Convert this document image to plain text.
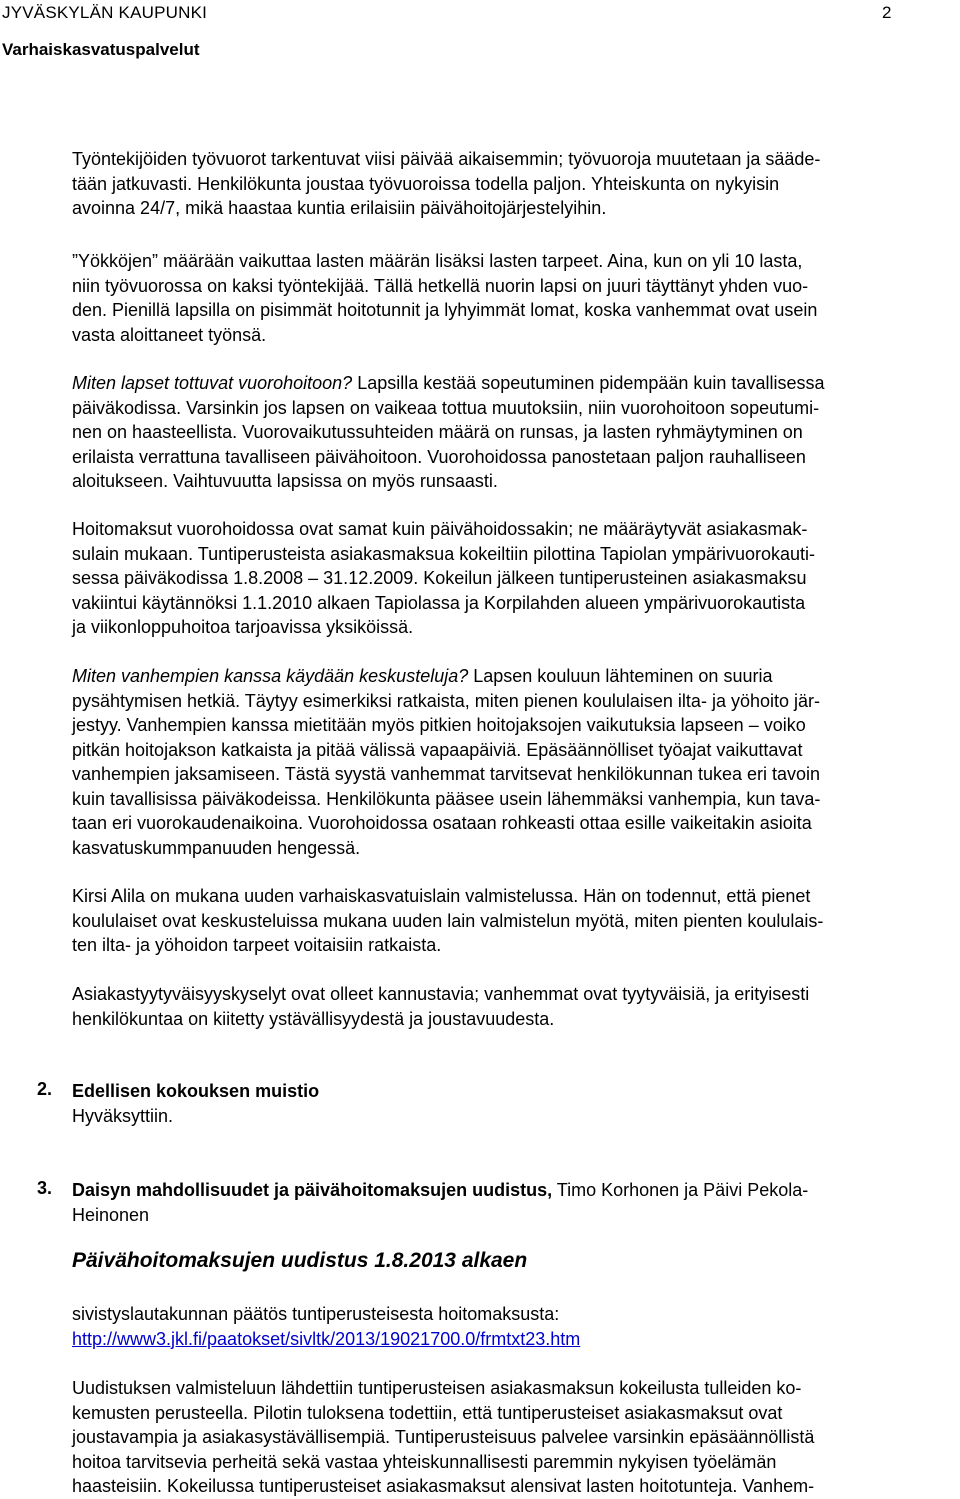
JYVÄSKYLÄN KAUPUNKI	2
Varhaiskasvatuspalvelut
Työntekijöiden työvuorot tarkentuvat viisi päivää aikaisemmin; työvuoroja muutetaan ja sääde-
tään jatkuvasti. Henkilökunta joustaa työvuoroissa todella paljon. Yhteiskunta on nykyisin
avoinna 24/7, mikä haastaa kuntia erilaisiin päivähoitojärjestelyihin.
”Yökköjen” määrään vaikuttaa lasten määrän lisäksi lasten tarpeet. Aina, kun on yli 10 lasta,
niin työvuorossa on kaksi työntekijää. Tällä hetkellä nuorin lapsi on juuri täyttänyt yhden vuo-
den. Pienillä lapsilla on pisimmät hoitotunnit ja lyhyimmät lomat, koska vanhemmat ovat usein
vasta aloittaneet työnsä.
Miten lapset tottuvat vuorohoitoon? Lapsilla kestää sopeutuminen pidempään kuin tavallisessa
päiväkodissa. Varsinkin jos lapsen on vaikeaa tottua muutoksiin, niin vuorohoitoon sopeutumi-
nen on haasteellista. Vuorovaikutussuhteiden määrä on runsas, ja lasten ryhmäytyminen on
erilaista verrattuna tavalliseen päivähoitoon. Vuorohoidossa panostetaan paljon rauhalliseen
aloitukseen. Vaihtuvuutta lapsissa on myös runsaasti.
Hoitomaksut vuorohoidossa ovat samat kuin päivähoidossakin; ne määräytyvät asiakasmak-
sulain mukaan. Tuntiperusteista asiakasmaksua kokeiltiin pilottina Tapiolan ympärivuorokauti-
sessa päiväkodissa 1.8.2008 – 31.12.2009. Kokeilun jälkeen tuntiperusteinen asiakasmaksu
vakiintui käytännöksi 1.1.2010 alkaen Tapiolassa ja Korpilahden alueen ympärivuorokautista
ja viikonloppuhoitoa tarjoavissa yksiköissä.
Miten vanhempien kanssa käydään keskusteluja? Lapsen kouluun lähteminen on suuria
pysähtymisen hetkiä. Täytyy esimerkiksi ratkaista, miten pienen koululaisen ilta- ja yöhoito jär-
jestyy. Vanhempien kanssa mietitään myös pitkien hoitojaksojen vaikutuksia lapseen – voiko
pitkän hoitojakson katkaista ja pitää välissä vapaapäiviä. Epäsäännölliset työajat vaikuttavat
vanhempien jaksamiseen. Tästä syystä vanhemmat tarvitsevat henkilökunnan tukea eri tavoin
kuin tavallisissa päiväkodeissa. Henkilökunta pääsee usein lähemmäksi vanhempia, kun tava-
taan eri vuorokaudenaikoina. Vuorohoidossa osataan rohkeasti ottaa esille vaikeitakin asioita
kasvatuskummpanuuden hengessä.
Kirsi Alila on mukana uuden varhaiskasvatuislain valmistelussa. Hän on todennut, että pienet
koululaiset ovat keskusteluissa mukana uuden lain valmistelun myötä, miten pienten koululais-
ten ilta- ja yöhoidon tarpeet voitaisiin ratkaista.
Asiakastyytyväisyyskyselyt ovat olleet kannustavia; vanhemmat ovat tyytyväisiä, ja erityisesti
henkilökuntaa on kiitetty ystävällisyydestä ja joustavuudesta.
2. Edellisen kokouksen muistio
Hyväksyttiin.
3. Daisyn mahdollisuudet ja päivähoitomaksujen uudistus, Timo Korhonen ja Päivi Pekola-
Heinonen
Päivähoitomaksujen uudistus 1.8.2013 alkaen
sivistyslautakunnan päätös tuntiperusteisesta hoitomaksusta:
http://www3.jkl.fi/paatokset/sivltk/2013/19021700.0/frmtxt23.htm
Uudistuksen valmisteluun lähdettiin tuntiperusteisen asiakasmaksun kokeilusta tulleiden ko-
kemusten perusteella. Pilotin tuloksena todettiin, että tuntiperusteiset asiakasmaksut ovat
joustavampia ja asiakasystävällisempiä. Tuntiperusteisuus palvelee varsinkin epäsäännöllistä
hoitoa tarvitsevia perheitä sekä vastaa yhteiskunnallisesti paremmin nykyisen työelämän
haasteisiin. Kokeilussa tuntiperusteiset asiakasmaksut alensivat lasten hoitotunteja. Vanhem-
